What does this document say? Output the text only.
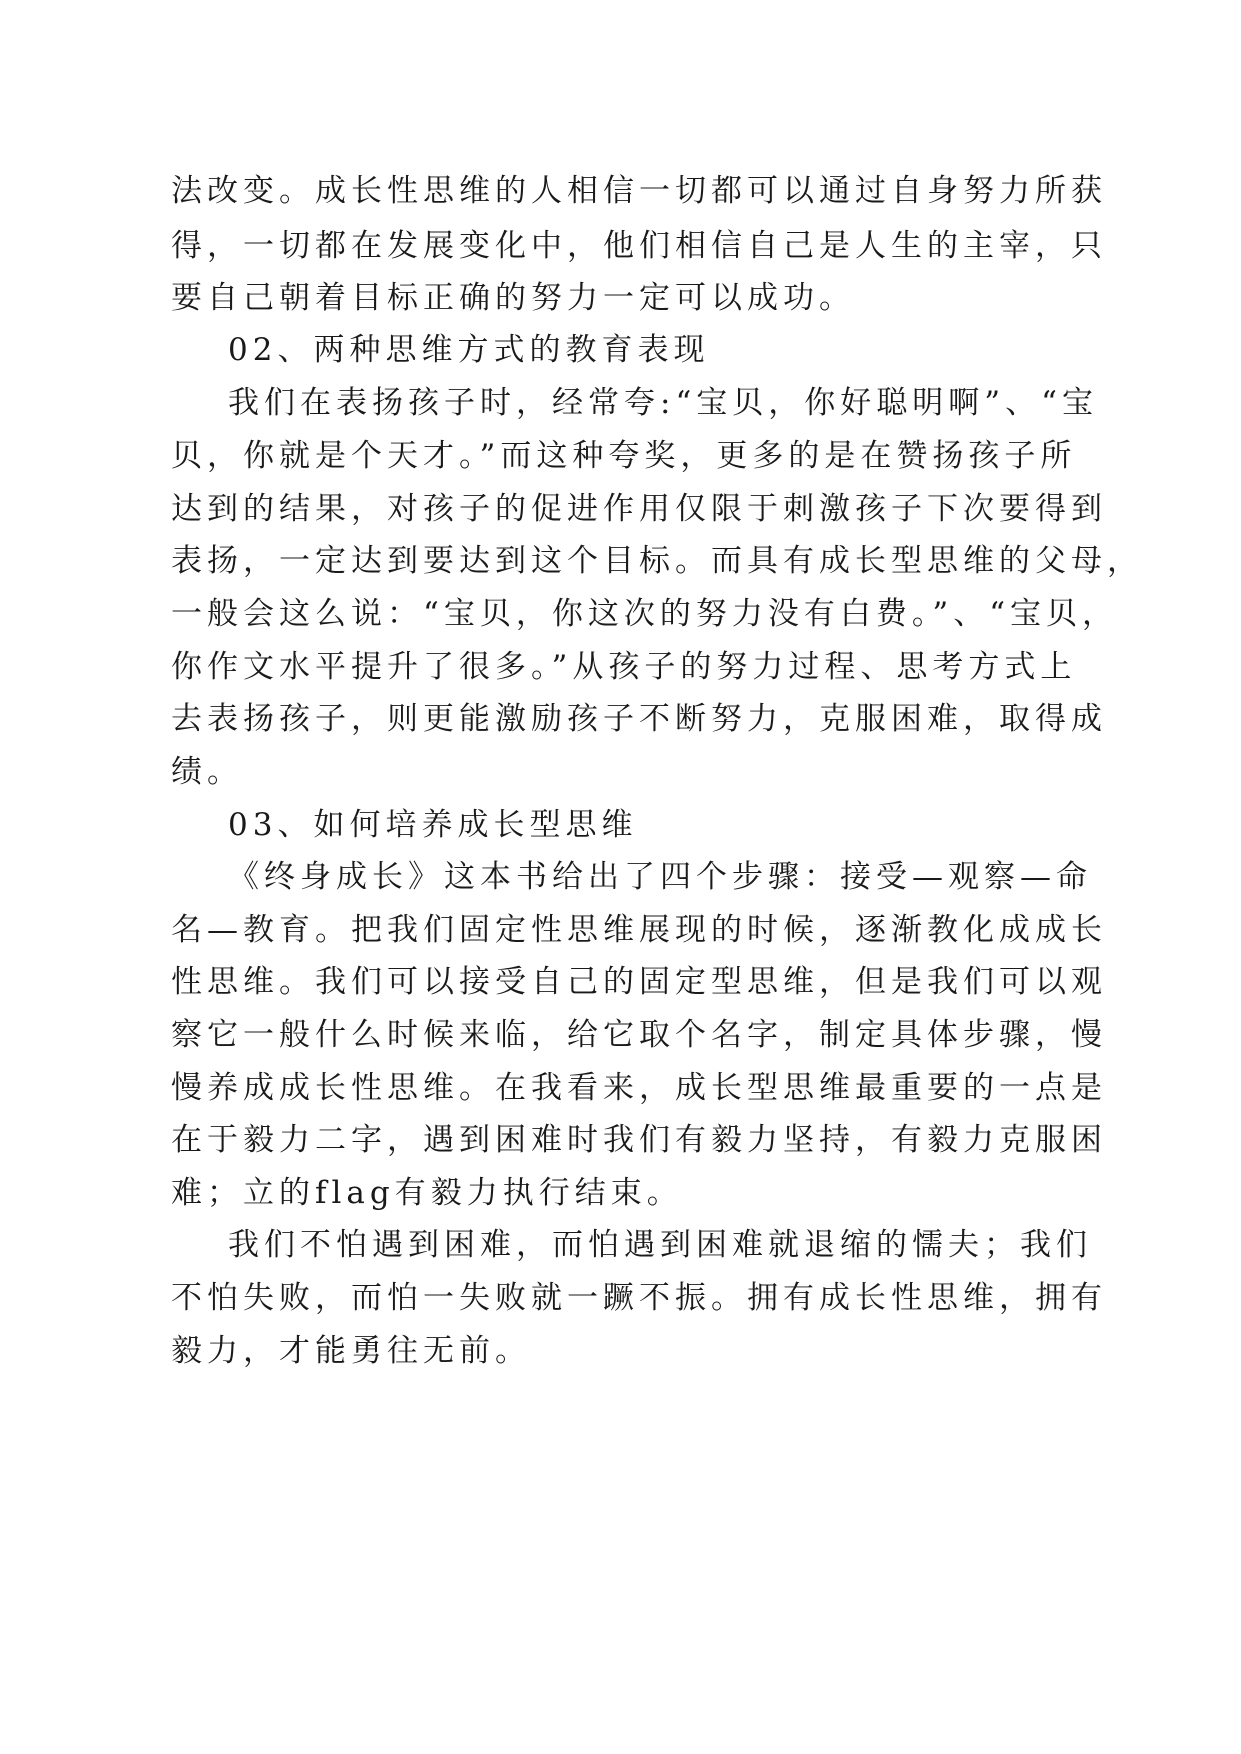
法改变。成长性思维的人相信一切都可以通过自身努力所获
得，一切都在发展变化中，他们相信自己是人生的主宰，只
要自己朝着目标正确的努力一定可以成功。
02、两种思维方式的教育表现
我们在表扬孩子时，经常夸:“宝贝，你好聪明啊”、“宝
贝，你就是个天才。”而这种夸奖，更多的是在赞扬孩子所
达到的结果，对孩子的促进作用仅限于刺激孩子下次要得到
表扬，一定达到要达到这个目标。而具有成长型思维的父母，
一般会这么说：“宝贝，你这次的努力没有白费。”、“宝贝，
你作文水平提升了很多。”从孩子的努力过程、思考方式上
去表扬孩子，则更能激励孩子不断努力，克服困难，取得成
绩。
03、如何培养成长型思维
《终身成长》这本书给出了四个步骤：接受—观察—命
名—教育。把我们固定性思维展现的时候，逐渐教化成成长
性思维。我们可以接受自己的固定型思维，但是我们可以观
察它一般什么时候来临，给它取个名字，制定具体步骤，慢
慢养成成长性思维。在我看来，成长型思维最重要的一点是
在于毅力二字，遇到困难时我们有毅力坚持，有毅力克服困
难；立的flag有毅力执行结束。
我们不怕遇到困难，而怕遇到困难就退缩的懦夫；我们
不怕失败，而怕一失败就一蹶不振。拥有成长性思维，拥有
毅力，才能勇往无前。
